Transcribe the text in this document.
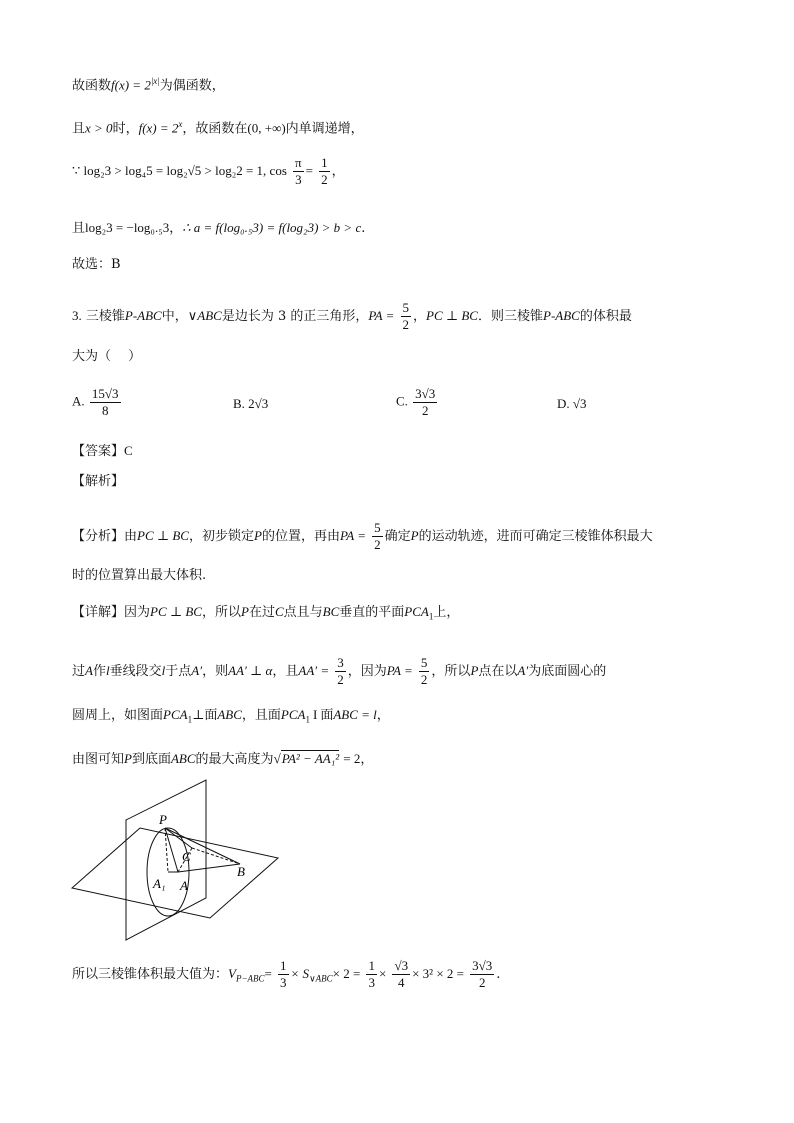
故函数$f(x) = 2^{|x|}$为偶函数，
且x > 0时，$f(x) = 2^x$，故函数在(0, +∞)内单调递增，
∵ log₂3 > log₄5 = log₂√5 > log₂2 = 1, $\cos \frac{\pi}{3} = \frac{1}{2}$ ，
且log₂3 = −log₀.₅3，∴ a = f(log₀.₅3) = f(log₂3) > b > c.
故选：B
3. 三棱锥P-ABC中，∨ABC是边长为 3 的正三角形，PA = $\frac{5}{2}$ ，PC ⊥ BC．则三棱锥P-ABC的体积最
大为（　 ）
A. $\frac{15√3}{8}$	B. 2√3	C. $\frac{3√3}{2}$	D. √3
【答案】C
【解析】
【分析】由PC ⊥ BC，初步锁定P的位置，再由PA = $\frac{5}{2}$ 确定P的运动轨迹，进而可确定三棱锥体积最大
时的位置算出最大体积.
【详解】因为PC ⊥ BC，所以P在过C点且与BC垂直的平面$PCA_1$上，
过A作l垂线段交l于点A′，则AA′ ⊥ α，且$AA' = \frac{3}{2}$ ，因为PA = $\frac{5}{2}$ ，所以P点在以A′为底面圆心的
圆周上，如图面$PCA_1\perp$面ABC，且面$PCA_1$ I 面ABC = l，
由图可知P到底面ABC的最大高度为√PA² − AA₁² = 2，
P
C
A₁ A
B
所以三棱锥体积最大值为：$V_{P-ABC}= \frac{1}{3} \times S_{\vee ABC}\times 2 = \frac{1}{3} \times \frac{√3}{4} \times 3^2 \times 2 = \frac{3√3}{2}$ .
